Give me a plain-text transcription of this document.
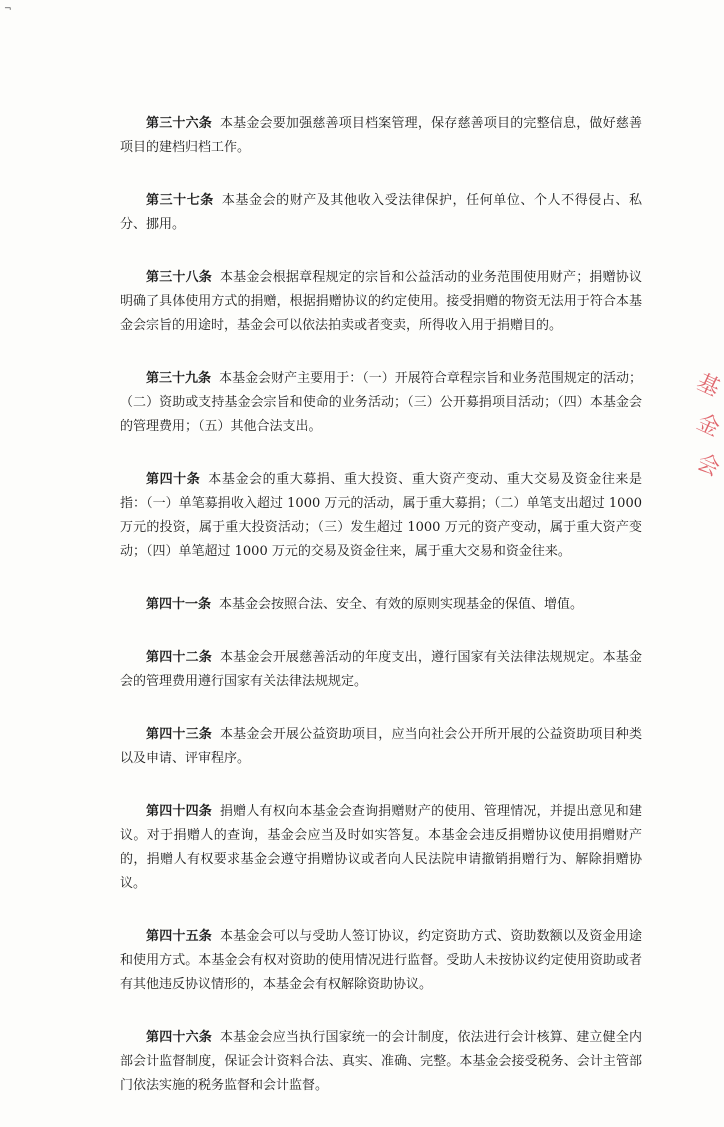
¬

第三十六条 本基金会要加强慈善项目档案管理，保存慈善项目的完整信息，做好慈善项目的建档归档工作。

第三十七条 本基金会的财产及其他收入受法律保护，任何单位、个人不得侵占、私分、挪用。

第三十八条 本基金会根据章程规定的宗旨和公益活动的业务范围使用财产；捐赠协议明确了具体使用方式的捐赠，根据捐赠协议的约定使用。接受捐赠的物资无法用于符合本基金会宗旨的用途时，基金会可以依法拍卖或者变卖，所得收入用于捐赠目的。

第三十九条 本基金会财产主要用于：（一）开展符合章程宗旨和业务范围规定的活动；（二）资助或支持基金会宗旨和使命的业务活动；（三）公开募捐项目活动；（四）本基金会的管理费用；（五）其他合法支出。

第四十条 本基金会的重大募捐、重大投资、重大资产变动、重大交易及资金往来是指：（一）单笔募捐收入超过 1000 万元的活动，属于重大募捐；（二）单笔支出超过 1000 万元的投资，属于重大投资活动；（三）发生超过 1000 万元的资产变动，属于重大资产变动；（四）单笔超过 1000 万元的交易及资金往来，属于重大交易和资金往来。

第四十一条 本基金会按照合法、安全、有效的原则实现基金的保值、增值。

第四十二条 本基金会开展慈善活动的年度支出，遵行国家有关法律法规规定。本基金会的管理费用遵行国家有关法律法规规定。

第四十三条 本基金会开展公益资助项目，应当向社会公开所开展的公益资助项目种类以及申请、评审程序。

第四十四条 捐赠人有权向本基金会查询捐赠财产的使用、管理情况，并提出意见和建议。对于捐赠人的查询，基金会应当及时如实答复。本基金会违反捐赠协议使用捐赠财产的，捐赠人有权要求基金会遵守捐赠协议或者向人民法院申请撤销捐赠行为、解除捐赠协议。

第四十五条 本基金会可以与受助人签订协议，约定资助方式、资助数额以及资金用途和使用方式。本基金会有权对资助的使用情况进行监督。受助人未按协议约定使用资助或者有其他违反协议情形的，本基金会有权解除资助协议。

第四十六条 本基金会应当执行国家统一的会计制度，依法进行会计核算、建立健全内部会计监督制度，保证会计资料合法、真实、准确、完整。本基金会接受税务、会计主管部门依法实施的税务监督和会计监督。

基
金
会
